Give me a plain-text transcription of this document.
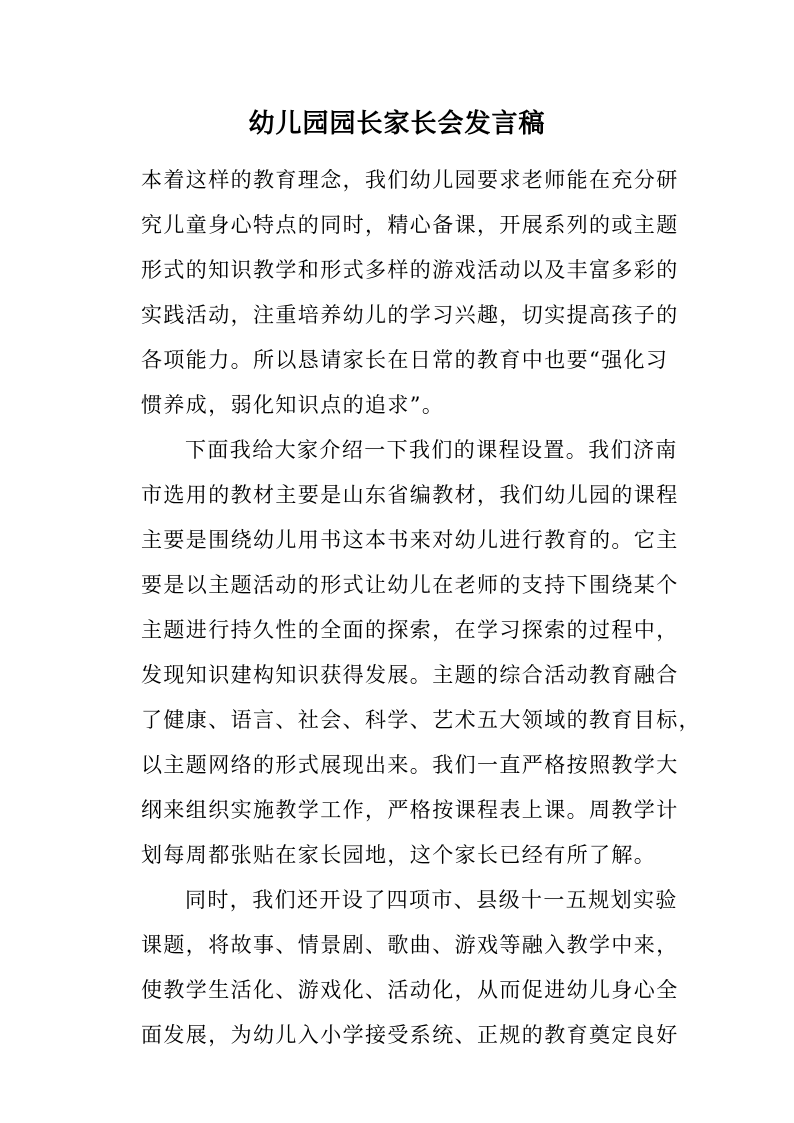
幼儿园园长家长会发言稿
本着这样的教育理念，我们幼儿园要求老师能在充分研
究儿童身心特点的同时，精心备课，开展系列的或主题
形式的知识教学和形式多样的游戏活动以及丰富多彩的
实践活动，注重培养幼儿的学习兴趣，切实提高孩子的
各项能力。所以恳请家长在日常的教育中也要“强化习
惯养成，弱化知识点的追求”。
下面我给大家介绍一下我们的课程设置。我们济南
市选用的教材主要是山东省编教材，我们幼儿园的课程
主要是围绕幼儿用书这本书来对幼儿进行教育的。它主
要是以主题活动的形式让幼儿在老师的支持下围绕某个
主题进行持久性的全面的探索，在学习探索的过程中，
发现知识建构知识获得发展。主题的综合活动教育融合
了健康、语言、社会、科学、艺术五大领域的教育目标，
以主题网络的形式展现出来。我们一直严格按照教学大
纲来组织实施教学工作，严格按课程表上课。周教学计
划每周都张贴在家长园地，这个家长已经有所了解。
同时，我们还开设了四项市、县级十一五规划实验
课题，将故事、情景剧、歌曲、游戏等融入教学中来，
使教学生活化、游戏化、活动化，从而促进幼儿身心全
面发展，为幼儿入小学接受系统、正规的教育奠定良好
